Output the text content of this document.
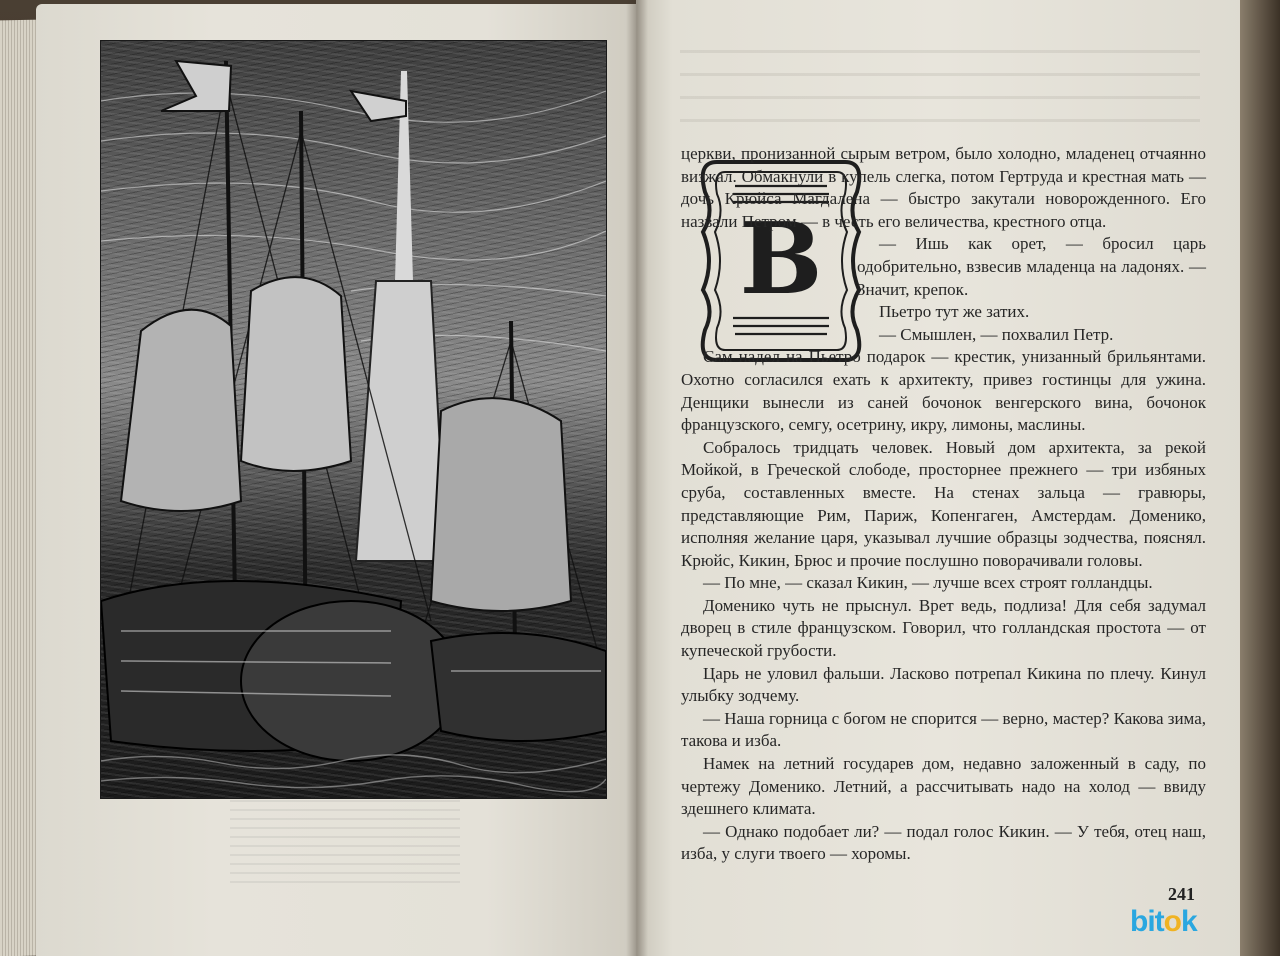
В

церкви, пронизанной сырым ветром, было холодно, младенец отчаянно визжал. Обмакнули в купель слегка, потом Гертруда и крестная мать — дочь Крюйса Магдалена — быстро закутали новорожденного. Его назвали Петром — в честь его величества, крестного отца.

— Ишь как орет, — бросил царь одобрительно, взвесив младенца на ладонях. — Значит, крепок.

Пьетро тут же затих.

— Смышлен, — похвалил Петр.

Сам надел на Пьетро подарок — крестик, унизанный брильянтами. Охотно согласился ехать к архитекту, привез гостинцы для ужина. Денщики вынесли из саней бочонок венгерского вина, бочонок французского, семгу, осетрину, икру, лимоны, маслины.

Собралось тридцать человек. Новый дом архитекта, за рекой Мойкой, в Греческой слободе, просторнее прежнего — три избяных сруба, составленных вместе. На стенах зальца — гравюры, представляющие Рим, Париж, Копенгаген, Амстердам. Доменико, исполняя желание царя, указывал лучшие образцы зодчества, пояснял. Крюйс, Кикин, Брюс и прочие послушно поворачивали головы.

— По мне, — сказал Кикин, — лучше всех строят голландцы.

Доменико чуть не прыснул. Врет ведь, подлиза! Для себя задумал дворец в стиле французском. Говорил, что голландская простота — от купеческой грубости.

Царь не уловил фальши. Ласково потрепал Кикина по плечу. Кинул улыбку зодчему.

— Наша горница с богом не спорится — верно, мастер? Какова зима, такова и изба.

Намек на летний государев дом, недавно заложенный в саду, по чертежу Доменико. Летний, а рассчитывать надо на холод — ввиду здешнего климата.

— Однако подобает ли? — подал голос Кикин. — У тебя, отец наш, изба, у слуги твоего — хоромы.

241
bitok
